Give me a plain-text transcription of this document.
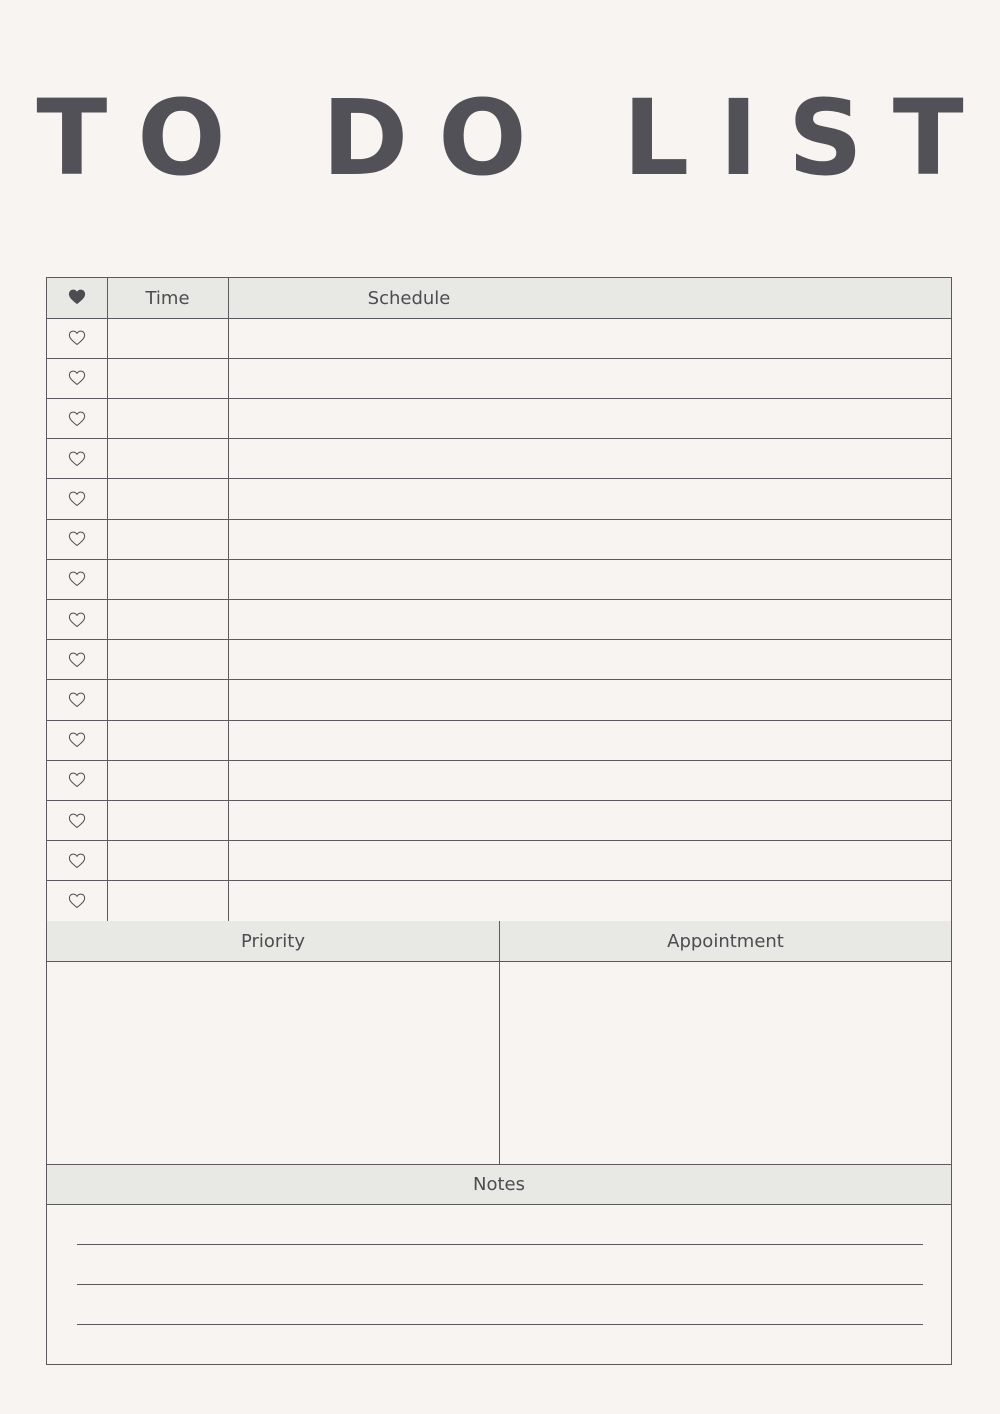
TO DO LIST
Time	Schedule
Priority	Appointment
Notes
